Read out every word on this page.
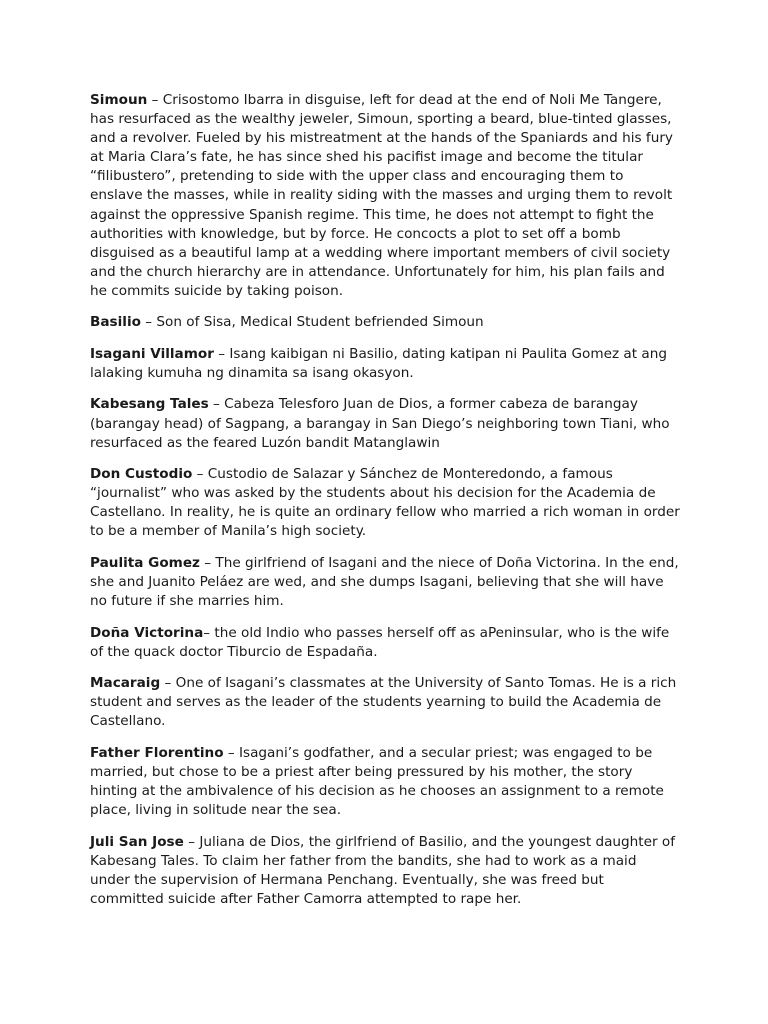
Simoun – Crisostomo Ibarra in disguise, left for dead at the end of Noli Me Tangere, has resurfaced as the wealthy jeweler, Simoun, sporting a beard, blue-tinted glasses, and a revolver. Fueled by his mistreatment at the hands of the Spaniards and his fury at Maria Clara’s fate, he has since shed his pacifist image and become the titular “filibustero”, pretending to side with the upper class and encouraging them to enslave the masses, while in reality siding with the masses and urging them to revolt against the oppressive Spanish regime. This time, he does not attempt to fight the authorities with knowledge, but by force. He concocts a plot to set off a bomb disguised as a beautiful lamp at a wedding where important members of civil society and the church hierarchy are in attendance. Unfortunately for him, his plan fails and he commits suicide by taking poison.

Basilio – Son of Sisa, Medical Student befriended Simoun

Isagani Villamor – Isang kaibigan ni Basilio, dating katipan ni Paulita Gomez at ang lalaking kumuha ng dinamita sa isang okasyon.

Kabesang Tales – Cabeza Telesforo Juan de Dios, a former cabeza de barangay (barangay head) of Sagpang, a barangay in San Diego’s neighboring town Tiani, who resurfaced as the feared Luzón bandit Matanglawin

Don Custodio – Custodio de Salazar y Sánchez de Monteredondo, a famous “journalist” who was asked by the students about his decision for the Academia de Castellano. In reality, he is quite an ordinary fellow who married a rich woman in order to be a member of Manila’s high society.

Paulita Gomez – The girlfriend of Isagani and the niece of Doña Victorina. In the end, she and Juanito Peláez are wed, and she dumps Isagani, believing that she will have no future if she marries him.

Doña Victorina– the old Indio who passes herself off as aPeninsular, who is the wife of the quack doctor Tiburcio de Espadaña.

Macaraig – One of Isagani’s classmates at the University of Santo Tomas. He is a rich student and serves as the leader of the students yearning to build the Academia de Castellano.

Father Florentino – Isagani’s godfather, and a secular priest; was engaged to be married, but chose to be a priest after being pressured by his mother, the story hinting at the ambivalence of his decision as he chooses an assignment to a remote place, living in solitude near the sea.

Juli San Jose – Juliana de Dios, the girlfriend of Basilio, and the youngest daughter of Kabesang Tales. To claim her father from the bandits, she had to work as a maid under the supervision of Hermana Penchang. Eventually, she was freed but committed suicide after Father Camorra attempted to rape her.
